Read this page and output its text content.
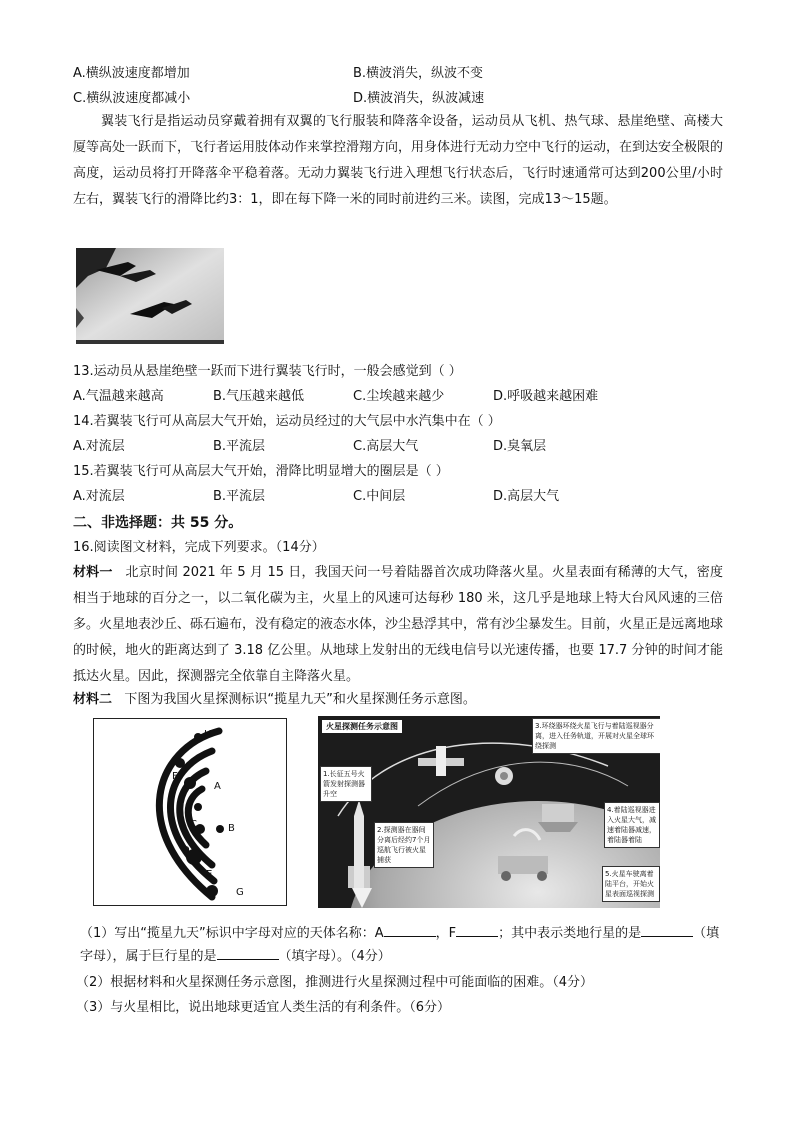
A.横纵波速度都增加	B.横波消失，纵波不变
C.横纵波速度都减小	D.横波消失，纵波减速
翼装飞行是指运动员穿戴着拥有双翼的飞行服装和降落伞设备，运动员从飞机、热气球、悬崖绝壁、高楼大厦等高处一跃而下，飞行者运用肢体动作来掌控滑翔方向，用身体进行无动力空中飞行的运动，在到达安全极限的高度，运动员将打开降落伞平稳着落。无动力翼装飞行进入理想飞行状态后，飞行时速通常可达到200公里/小时左右，翼装飞行的滑降比约3：1，即在每下降一米的同时前进约三米。读图，完成13～15题。
13.运动员从悬崖绝壁一跃而下进行翼装飞行时，一般会感觉到（ ）
A.气温越来越高	B.气压越来越低	C.尘埃越来越少	D.呼吸越来越困难
14.若翼装飞行可从高层大气开始，运动员经过的大气层中水汽集中在（ ）
A.对流层	B.平流层	C.高层大气	D.臭氧层
15.若翼装飞行可从高层大气开始，滑降比明显增大的圈层是（ ）
A.对流层	B.平流层	C.中间层	D.高层大气
二、非选择题：共 55 分。
16.阅读图文材料，完成下列要求。（14分）
材料一 北京时间 2021 年 5 月 15 日，我国天问一号着陆器首次成功降落火星。火星表面有稀薄的大气，密度相当于地球的百分之一，以二氧化碳为主，火星上的风速可达每秒 180 米，这几乎是地球上特大台风风速的三倍多。火星地表沙丘、砾石遍布，没有稳定的液态水体，沙尘悬浮其中，常有沙尘暴发生。目前，火星正是远离地球的时候，地火的距离达到了 3.18 亿公里。从地球上发射出的无线电信号以光速传播，也要 17.7 分钟的时间才能抵达火星。因此，探测器完全依靠自主降落火星。
材料二 下图为我国火星探测标识“揽星九天”和火星探测任务示意图。
H
F
A
C	B
D
E
G
火星探测任务示意图
1.长征五号火箭发射探测器升空
2.探测器在器间分离后经约7个月巡航飞行被火星捕获
3.环绕器环绕火星飞行与着陆巡视器分离，进入任务轨道，开展对火星全球环绕探测
4.着陆巡视器进入火星大气，减速着陆器减速，着陆器着陆
5.火星车驶离着陆平台，开始火星表面巡视探测
（1）写出“揽星九天”标识中字母对应的天体名称：A	，F	；其中表示类地行星的是	（填
字母），属于巨行星的是	（填字母）。（4分）
（2）根据材料和火星探测任务示意图，推测进行火星探测过程中可能面临的困难。（4分）
（3）与火星相比，说出地球更适宜人类生活的有利条件。（6分）
